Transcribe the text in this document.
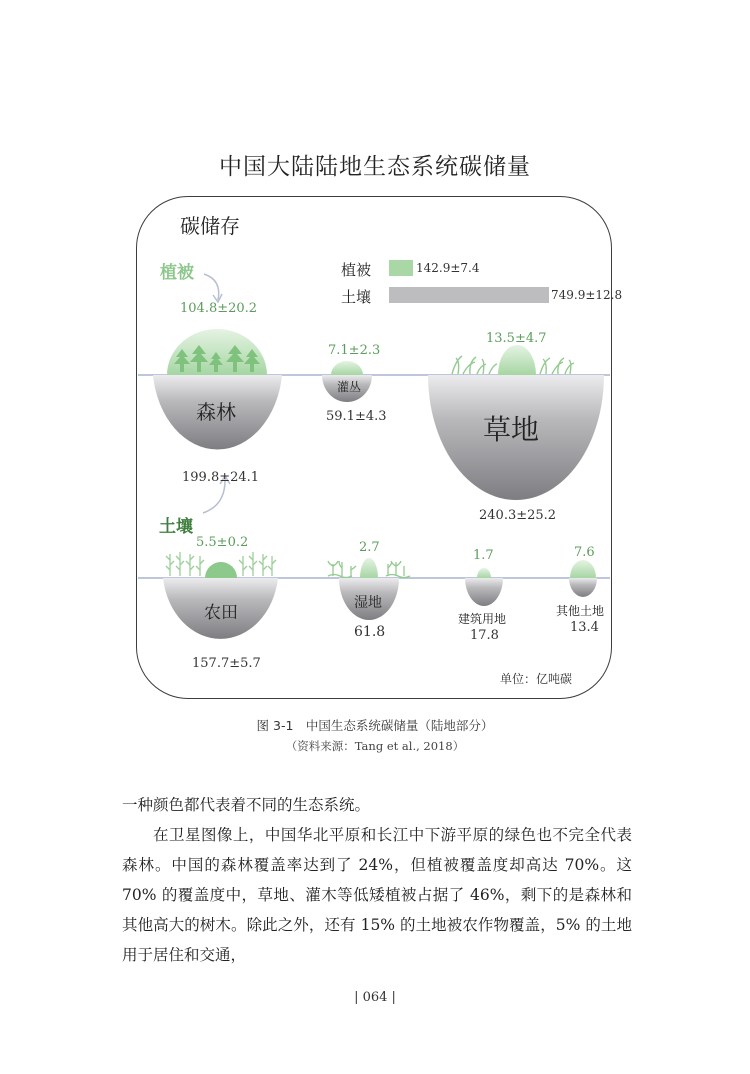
中国大陆陆地生态系统碳储量
碳储存
植被	142.9±7.4
土壤	749.9±12.8
植被
土壤
104.8±20.2
森林
199.8±24.1
7.1±2.3
灌丛
59.1±4.3
13.5±4.7
草地
240.3±25.2
5.5±0.2
农田
157.7±5.7
2.7
湿地
61.8
1.7
建筑用地
17.8
7.6
其他土地
13.4
单位：亿吨碳
图 3-1　中国生态系统碳储量（陆地部分）
（资料来源：Tang et al., 2018）
一种颜色都代表着不同的生态系统。
在卫星图像上，中国华北平原和长江中下游平原的绿色也不完全代表森林。中国的森林覆盖率达到了 24%，但植被覆盖度却高达 70%。这 70% 的覆盖度中，草地、灌木等低矮植被占据了 46%，剩下的是森林和其他高大的树木。除此之外，还有 15% 的土地被农作物覆盖，5% 的土地用于居住和交通，
| 064 |
